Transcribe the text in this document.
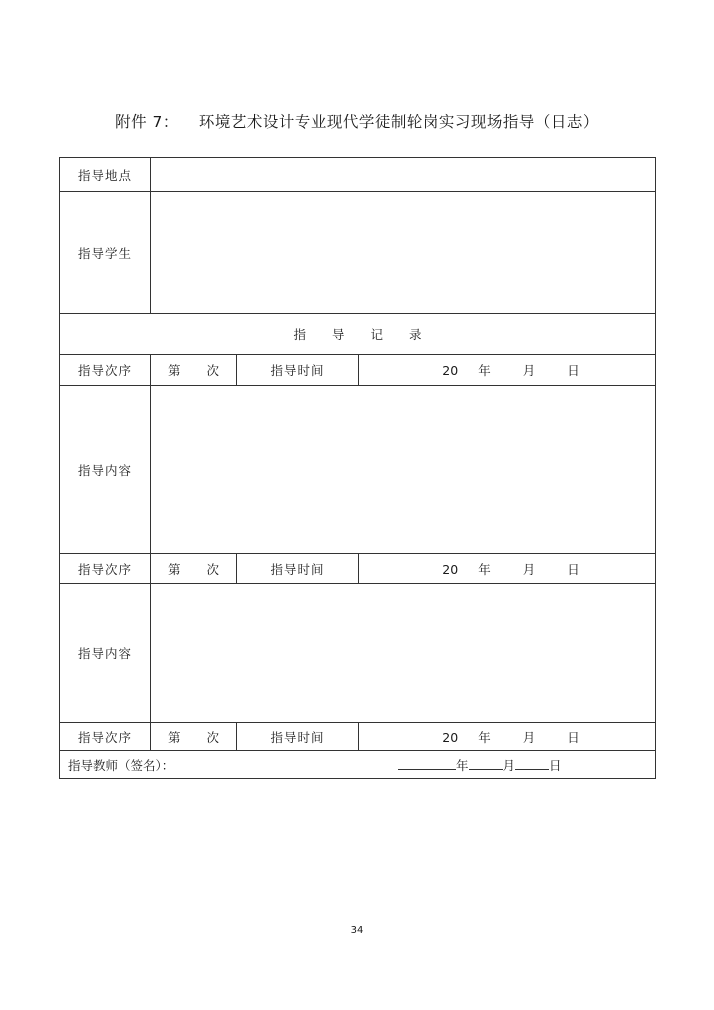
附件 7： 环境艺术设计专业现代学徒制轮岗实习现场指导（日志）
指导地点			
指导学生			
指导记录			
指导次序	第 次	指导时间	20 年 月 日
指导内容			
指导次序	第 次	指导时间	20 年 月 日
指导内容			
指导次序	第 次	指导时间	20 年 月 日
指导教师（签名）： 年 月 日			
34
